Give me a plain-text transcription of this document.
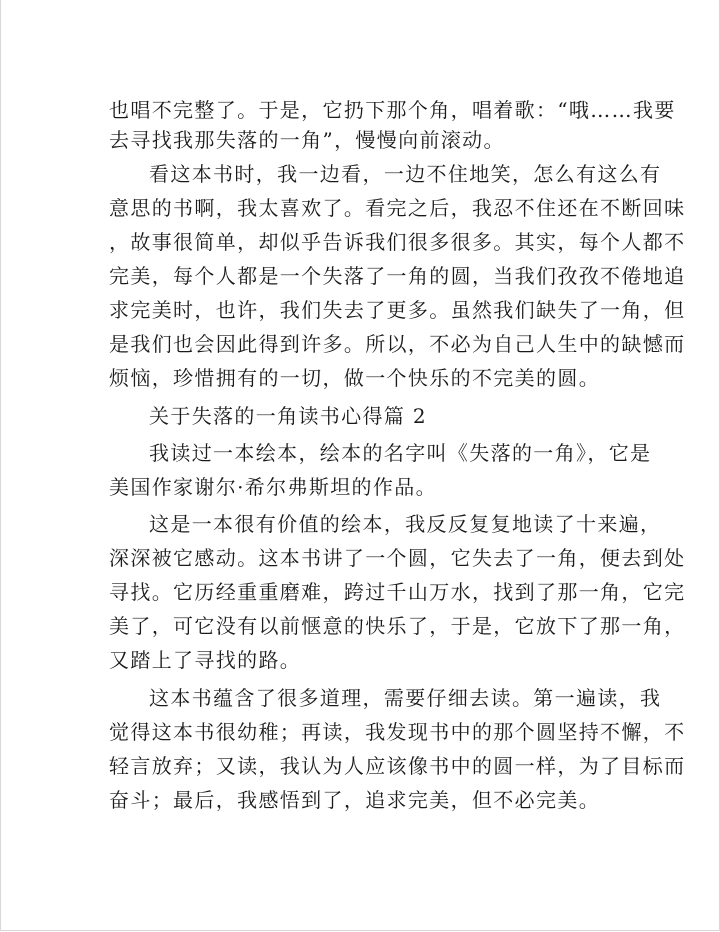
也唱不完整了。于是，它扔下那个角，唱着歌：“哦……我要
去寻找我那失落的一角”，慢慢向前滚动。
看这本书时，我一边看，一边不住地笑，怎么有这么有
意思的书啊，我太喜欢了。看完之后，我忍不住还在不断回味
，故事很简单，却似乎告诉我们很多很多。其实，每个人都不
完美，每个人都是一个失落了一角的圆，当我们孜孜不倦地追
求完美时，也许，我们失去了更多。虽然我们缺失了一角，但
是我们也会因此得到许多。所以，不必为自己人生中的缺憾而
烦恼，珍惜拥有的一切，做一个快乐的不完美的圆。
关于失落的一角读书心得篇 2
我读过一本绘本，绘本的名字叫《失落的一角》，它是
美国作家谢尔·希尔弗斯坦的作品。
这是一本很有价值的绘本，我反反复复地读了十来遍，
深深被它感动。这本书讲了一个圆，它失去了一角，便去到处
寻找。它历经重重磨难，跨过千山万水，找到了那一角，它完
美了，可它没有以前惬意的快乐了，于是，它放下了那一角，
又踏上了寻找的路。
这本书蕴含了很多道理，需要仔细去读。第一遍读，我
觉得这本书很幼稚；再读，我发现书中的那个圆坚持不懈，不
轻言放弃；又读，我认为人应该像书中的圆一样，为了目标而
奋斗；最后，我感悟到了，追求完美，但不必完美。
